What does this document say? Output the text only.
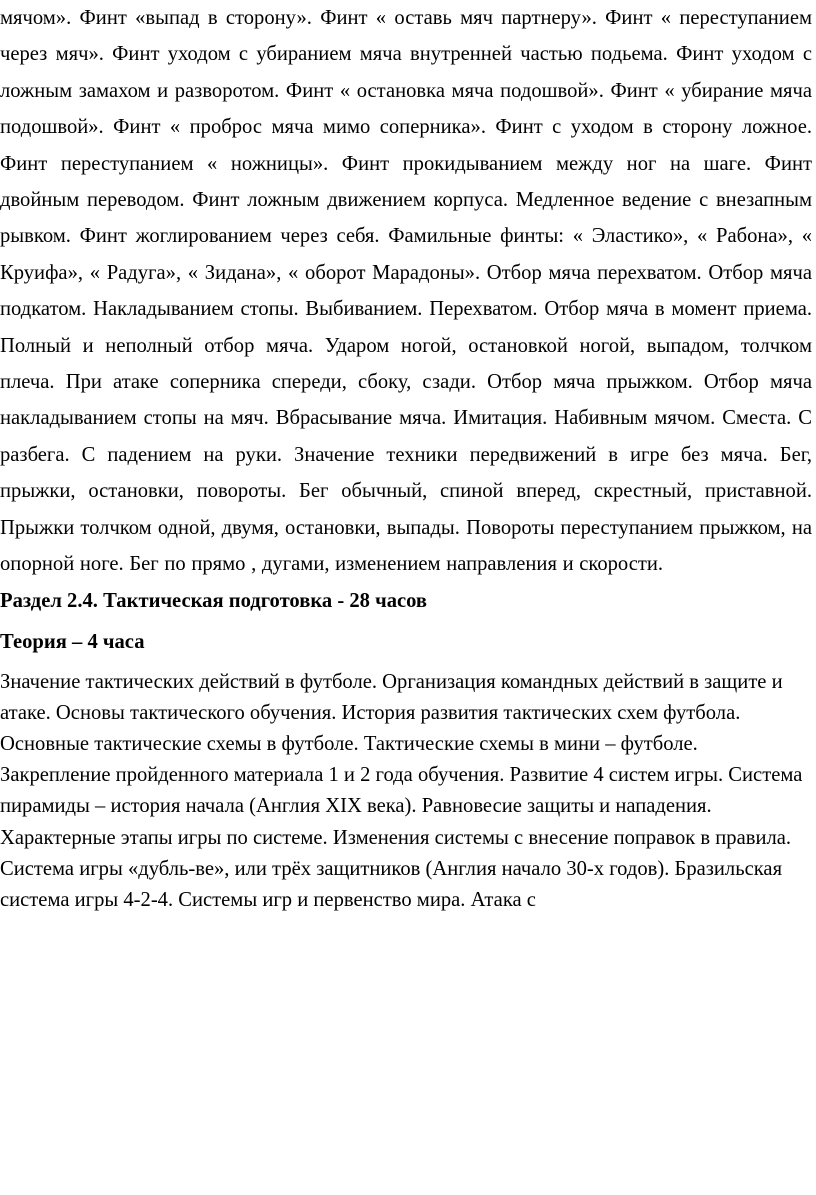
мячом». Финт «выпад в сторону». Финт « оставь мяч партнеру». Финт « переступанием через мяч». Финт уходом с убиранием мяча внутренней частью подьема. Финт уходом с ложным замахом и разворотом. Финт « остановка мяча подошвой». Финт « убирание мяча подошвой». Финт « проброс мяча мимо соперника». Финт с уходом в сторону ложное. Финт переступанием « ножницы». Финт прокидыванием между ног на шаге. Финт двойным переводом. Финт ложным движением корпуса. Медленное ведение с внезапным рывком. Финт жоглированием через себя. Фамильные финты: « Эластико», « Рабона», « Круифа», « Радуга», « Зидана», « оборот Марадоны». Отбор мяча перехватом. Отбор мяча подкатом. Накладыванием стопы. Выбиванием. Перехватом. Отбор мяча в момент приема. Полный и неполный отбор мяча. Ударом ногой, остановкой ногой, выпадом, толчком плеча. При атаке соперника спереди, сбоку, сзади. Отбор мяча прыжком. Отбор мяча накладыванием стопы на мяч. Вбрасывание мяча. Имитация. Набивным мячом. Сместа. С разбега. С падением на руки. Значение техники передвижений в игре без мяча. Бег, прыжки, остановки, повороты. Бег обычный, спиной вперед, скрестный, приставной. Прыжки толчком одной, двумя, остановки, выпады. Повороты переступанием прыжком, на опорной ноге. Бег по прямо , дугами, изменением направления и скорости.

Раздел 2.4. Тактическая подготовка - 28 часов
Теория – 4 часа

Значение тактических действий в футболе. Организация командных действий в защите и атаке. Основы тактического обучения. История развития тактических схем футбола. Основные тактические схемы в футболе. Тактические схемы в мини – футболе. Закрепление пройденного материала 1 и 2 года обучения. Развитие 4 систем игры. Система пирамиды – история начала (Англия XIX века). Равновесие защиты и нападения. Характерные этапы игры по системе. Изменения системы с внесение поправок в правила. Система игры «дубль-ве», или трёх защитников (Англия начало 30-х годов). Бразильская система игры 4-2-4. Системы игр и первенство мира. Атака с
